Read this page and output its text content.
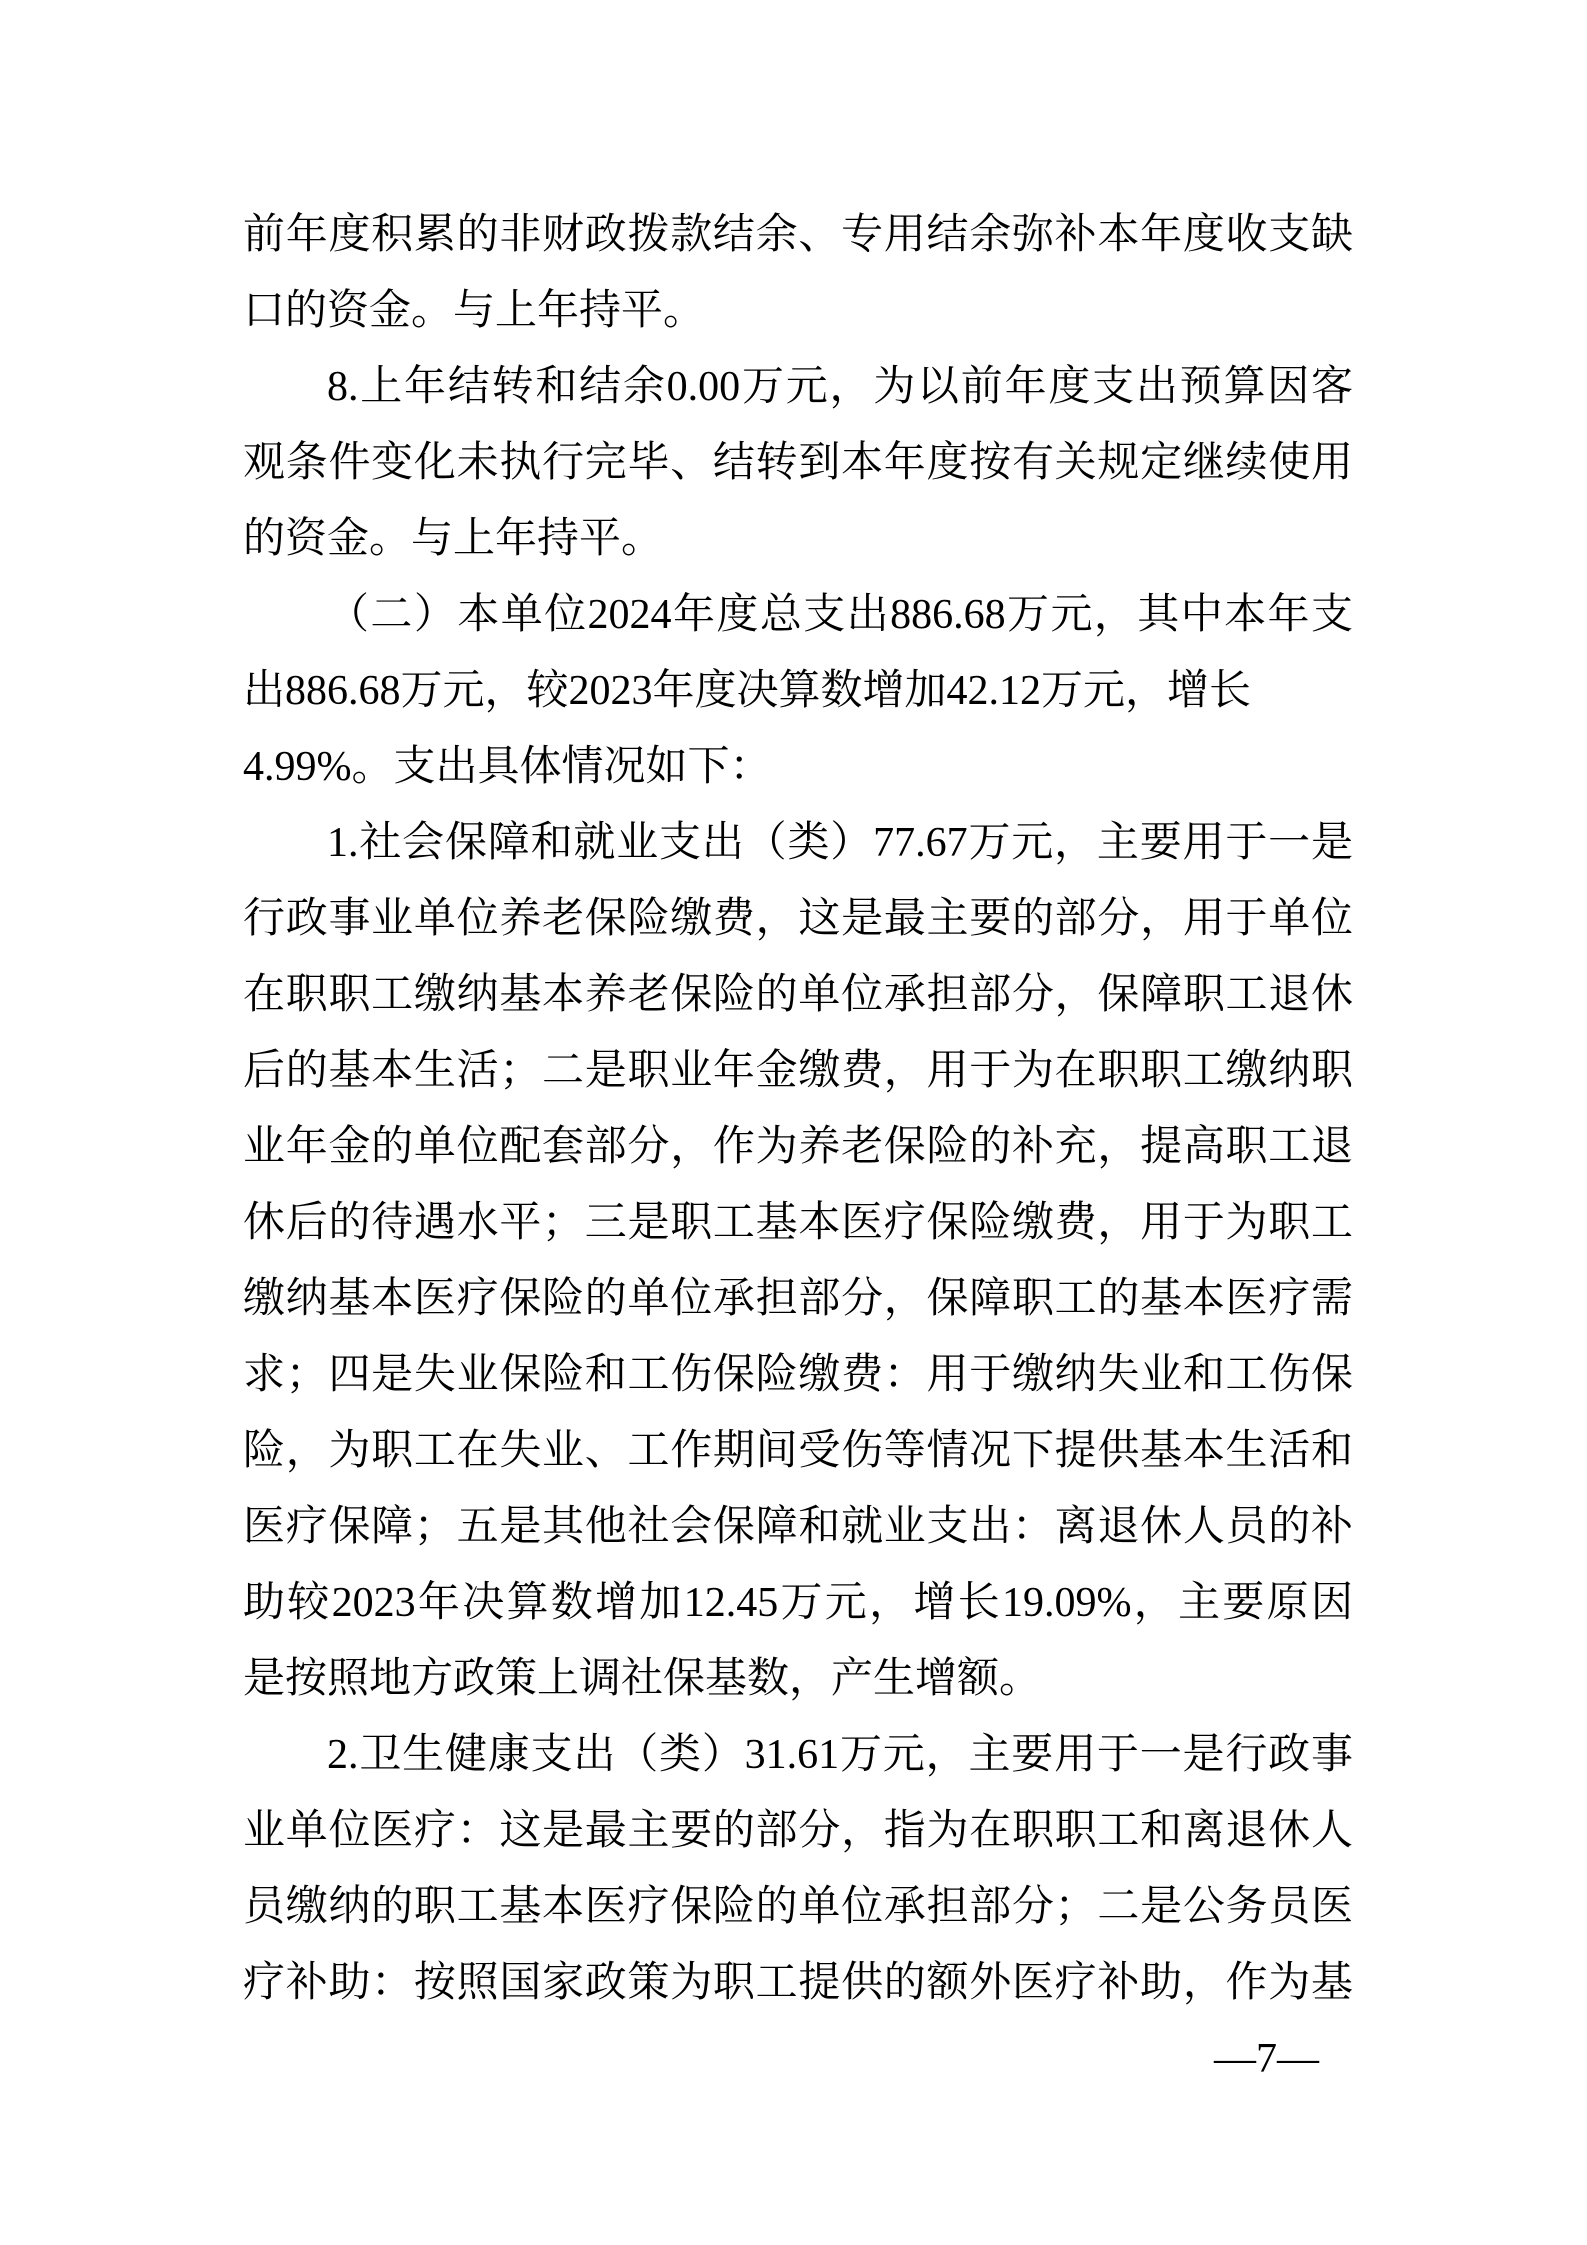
前年度积累的非财政拨款结余、专用结余弥补本年度收支缺
口的资金。与上年持平。
8.上年结转和结余0.00万元，为以前年度支出预算因客
观条件变化未执行完毕、结转到本年度按有关规定继续使用
的资金。与上年持平。
（二）本单位2024年度总支出886.68万元，其中本年支
出886.68万元，较2023年度决算数增加42.12万元，增长
4.99%。支出具体情况如下：
1.社会保障和就业支出（类）77.67万元，主要用于一是
行政事业单位养老保险缴费，这是最主要的部分，用于单位
在职职工缴纳基本养老保险的单位承担部分，保障职工退休
后的基本生活；二是职业年金缴费，用于为在职职工缴纳职
业年金的单位配套部分，作为养老保险的补充，提高职工退
休后的待遇水平；三是职工基本医疗保险缴费，用于为职工
缴纳基本医疗保险的单位承担部分，保障职工的基本医疗需
求；四是失业保险和工伤保险缴费：用于缴纳失业和工伤保
险，为职工在失业、工作期间受伤等情况下提供基本生活和
医疗保障；五是其他社会保障和就业支出：离退休人员的补
助较2023年决算数增加12.45万元，增长19.09%，主要原因
是按照地方政策上调社保基数，产生增额。
2.卫生健康支出（类）31.61万元，主要用于一是行政事
业单位医疗：这是最主要的部分，指为在职职工和离退休人
员缴纳的职工基本医疗保险的单位承担部分；二是公务员医
疗补助：按照国家政策为职工提供的额外医疗补助，作为基
—7—
